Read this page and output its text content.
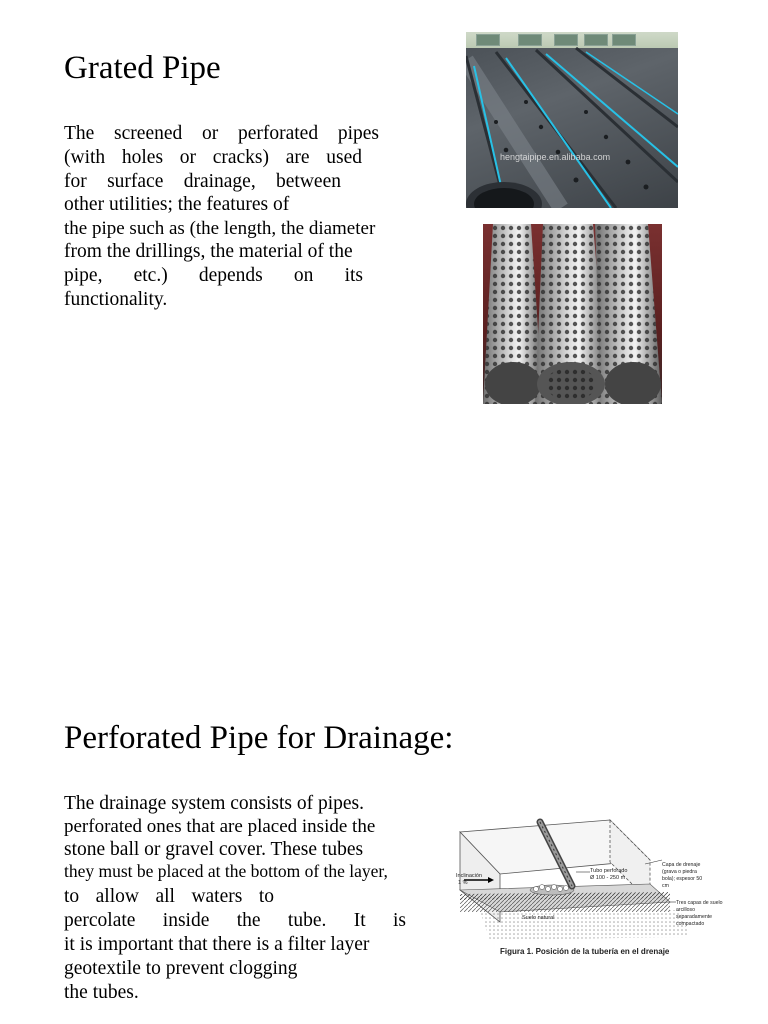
Grated Pipe
The screened or perforated pipes
(with holes or cracks) are used
for surface drainage, between
other utilities; the features of
the pipe such as (the length, the diameter
from the drillings, the material of the
pipe, etc.) depends on its
functionality.
hengtaipipe.en.alibaba.com
Perforated Pipe for Drainage:
The drainage system consists of pipes.
perforated ones that are placed inside the
stone ball or gravel cover. These tubes
they must be placed at the bottom of the layer,
to allow all waters to
percolate inside the tube. It is
it is important that there is a filter layer
geotextile to prevent clogging
the tubes.
Inclinación
1 %
Tubo perforado
Ø 100 - 250 m
Capa de drenaje
(grava o piedra
bola); espesor 50
cm
Suelo natural
Tres capas de suelo
arcilloso
separadamente
compactado
Figura 1. Posición de la tubería en el drenaje
